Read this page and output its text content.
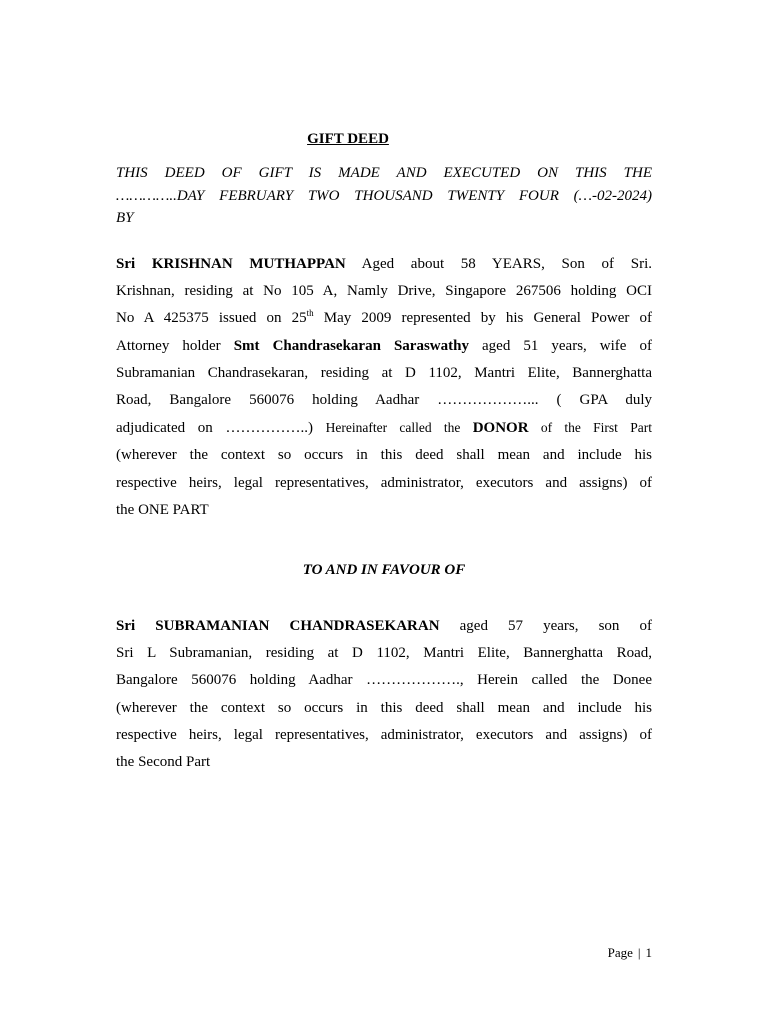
GIFT DEED
THIS DEED OF GIFT IS MADE AND EXECUTED ON THIS THE
…………..DAY FEBRUARY TWO THOUSAND TWENTY FOUR (…-02-2024)
BY
Sri KRISHNAN MUTHAPPAN Aged about 58 YEARS, Son of Sri.
Krishnan, residing at No 105 A, Namly Drive, Singapore 267506 holding OCI
No A 425375 issued on 25th May 2009 represented by his General Power of
Attorney holder Smt Chandrasekaran Saraswathy aged 51 years, wife of
Subramanian Chandrasekaran, residing at D 1102, Mantri Elite, Bannerghatta
Road, Bangalore 560076 holding Aadhar ………………... ( GPA duly
adjudicated on ……………..) Hereinafter called the DONOR of the First Part
(wherever the context so occurs in this deed shall mean and include his
respective heirs, legal representatives, administrator, executors and assigns) of
the ONE PART
TO AND IN FAVOUR OF
Sri SUBRAMANIAN CHANDRASEKARAN aged 57 years, son of
Sri L Subramanian, residing at D 1102, Mantri Elite, Bannerghatta Road,
Bangalore 560076 holding Aadhar ………………., Herein called the Donee
(wherever the context so occurs in this deed shall mean and include his
respective heirs, legal representatives, administrator, executors and assigns) of
the Second Part
Page | 1
